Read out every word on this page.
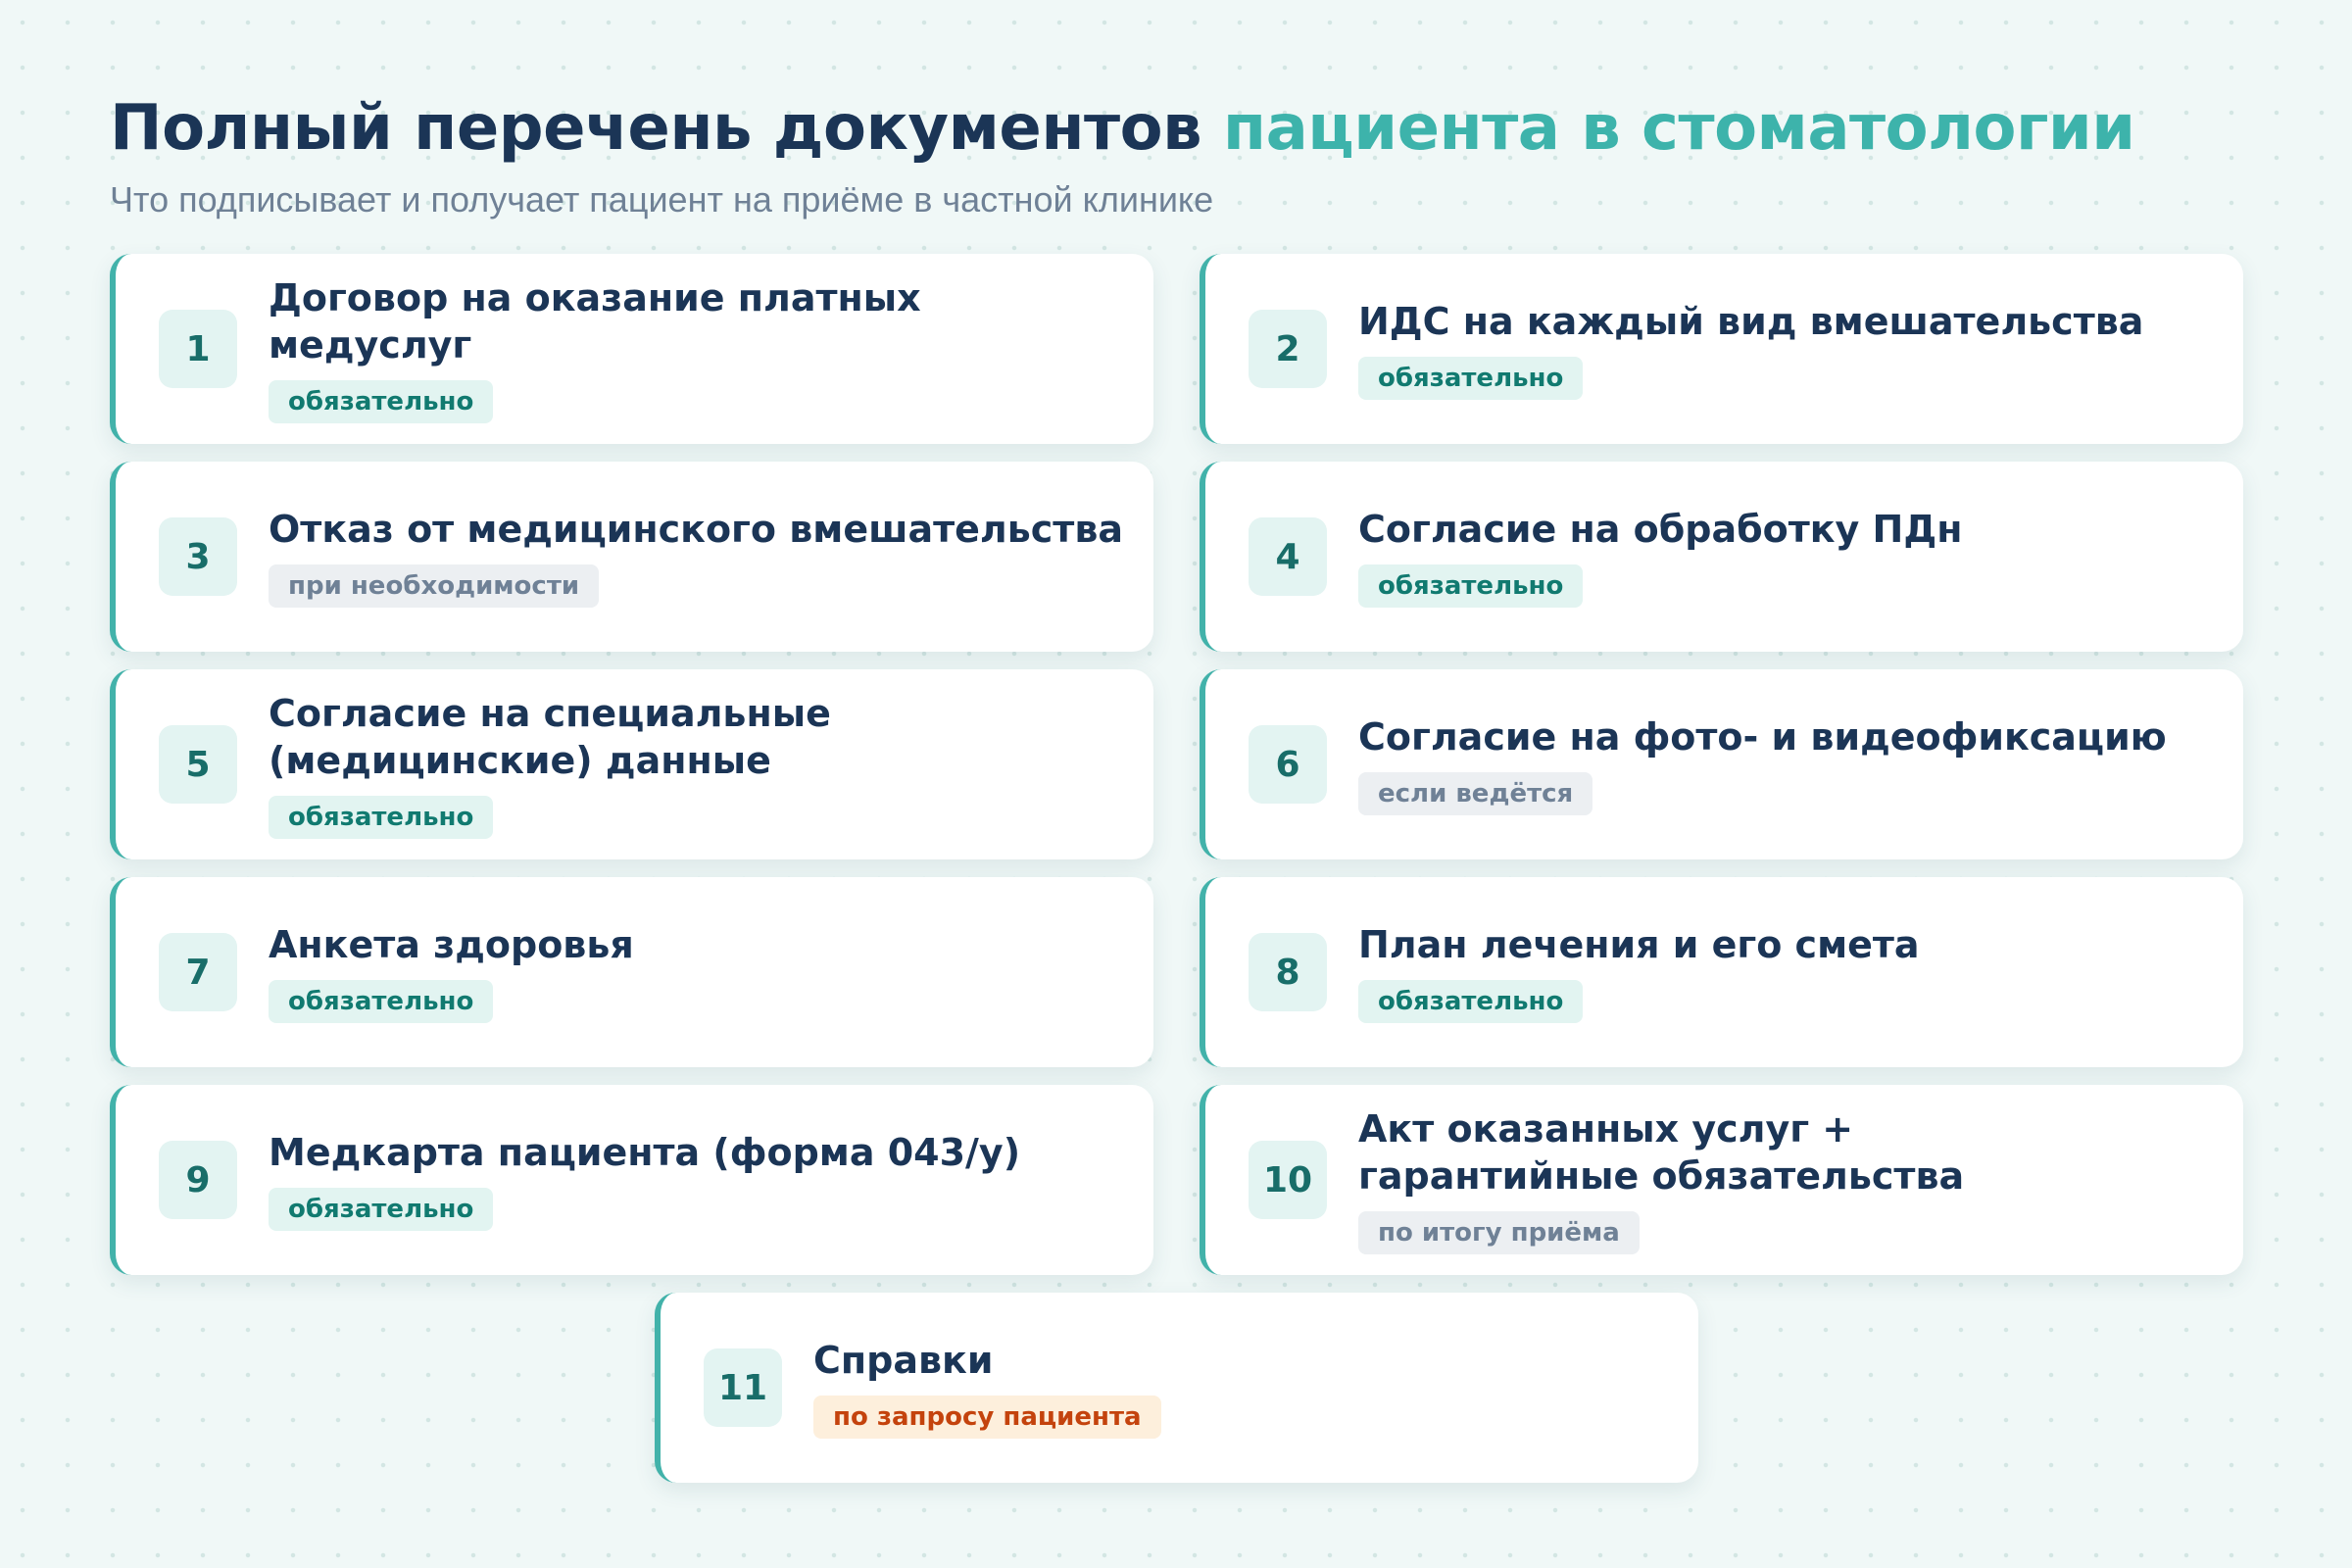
Полный перечень документов пациента в стоматологии
Что подписывает и получает пациент на приёме в частной клинике
1
Договор на оказание платных медуслуг
обязательно
2
ИДС на каждый вид вмешательства
обязательно
3
Отказ от медицинского вмешательства
при необходимости
4
Согласие на обработку ПДн
обязательно
5
Согласие на специальные (медицинские) данные
обязательно
6
Согласие на фото- и видеофиксацию
если ведётся
7
Анкета здоровья
обязательно
8
План лечения и его смета
обязательно
9
Медкарта пациента (форма 043/у)
обязательно
10
Акт оказанных услуг + гарантийные обязательства
по итогу приёма
11
Справки
по запросу пациента
